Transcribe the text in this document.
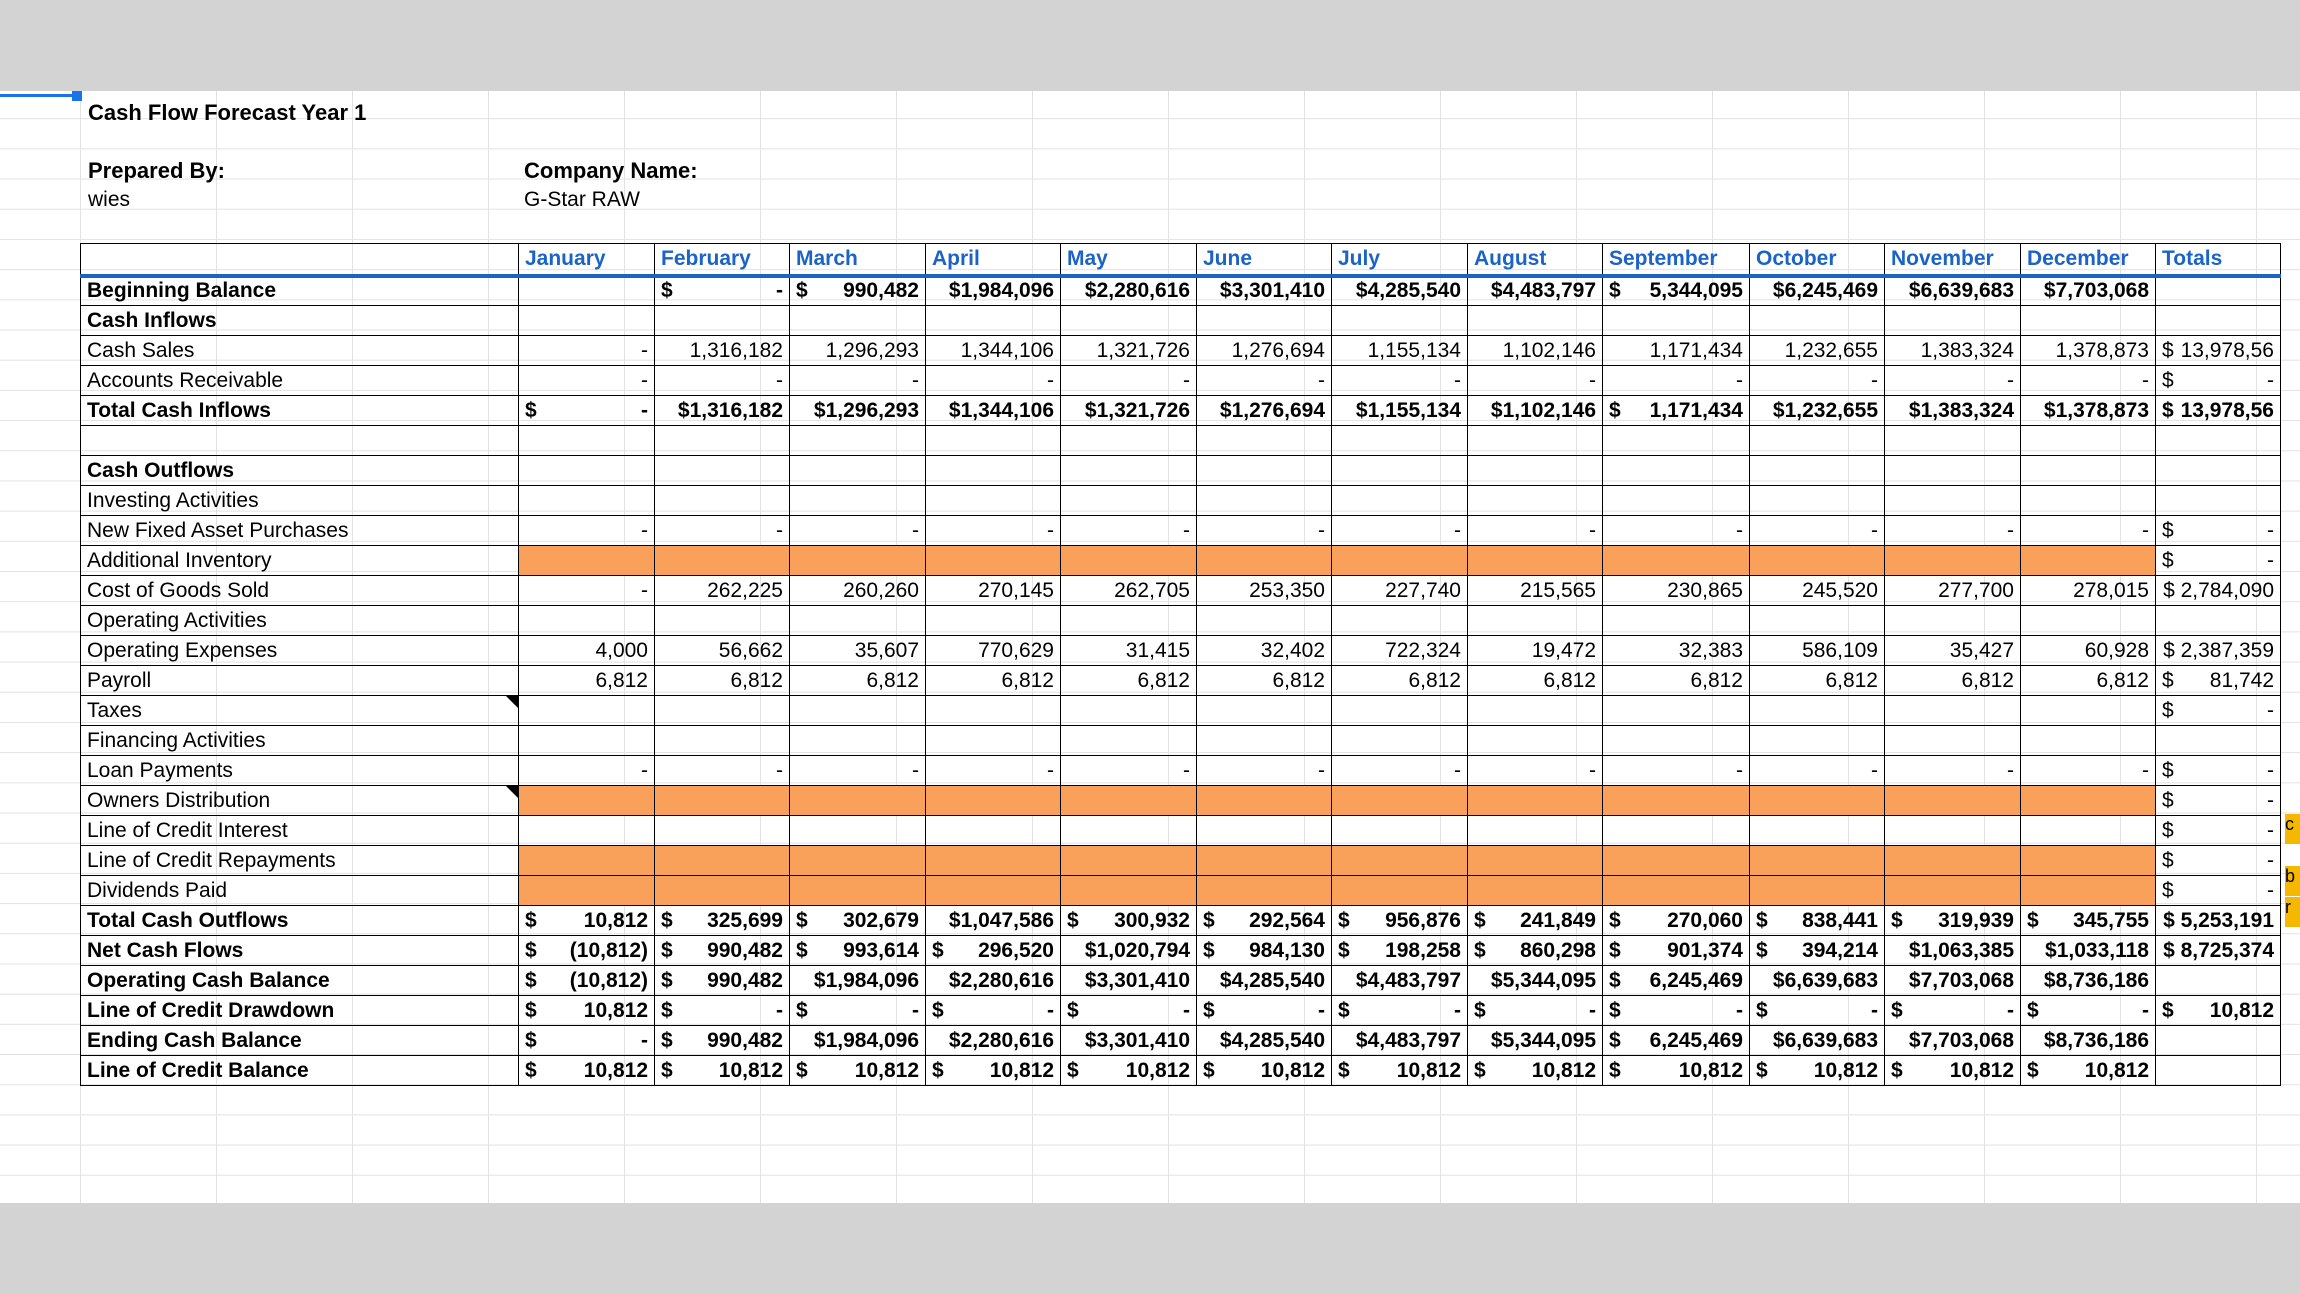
Cash Flow Forecast Year 1
Prepared By:
wies
Company Name:
G-Star RAW
	January	February	March	April	May	June	July	August	September	October	November	December	Totals
Beginning Balance		$ -	$ 990,482	$1,984,096	$2,280,616	$3,301,410	$4,285,540	$4,483,797	$ 5,344,095	$6,245,469	$6,639,683	$7,703,068	
Cash Inflows													
Cash Sales	-	1,316,182	1,296,293	1,344,106	1,321,726	1,276,694	1,155,134	1,102,146	1,171,434	1,232,655	1,383,324	1,378,873	$ 13,978,56

Accounts Receivable	-	-	-	-	-	-	-	-	-	-	-	-	$ -

Total Cash Inflows	$ -	$1,316,182	$1,296,293	$1,344,106	$1,321,726	$1,276,694	$1,155,134	$1,102,146	$ 1,171,434	$1,232,655	$1,383,324	$1,378,873	$ 13,978,56

Cash Outflows													
Investing Activities													
New Fixed Asset Purchases	-	-	-	-	-	-	-	-	-	-	-	-	$ -

Additional Inventory													$ -

Cost of Goods Sold	-	262,225	260,260	270,145	262,705	253,350	227,740	215,565	230,865	245,520	277,700	278,015	$ 2,784,090
Operating Activities													
Operating Expenses	4,000	56,662	35,607	770,629	31,415	32,402	722,324	19,472	32,383	586,109	35,427	60,928	$ 2,387,359
Payroll	6,812	6,812	6,812	6,812	6,812	6,812	6,812	6,812	6,812	6,812	6,812	6,812	$ 81,742

Taxes													$ -

Financing Activities													
Loan Payments	-	-	-	-	-	-	-	-	-	-	-	-	$ -

Owners Distribution													$ -

Line of Credit Interest													$ -

Line of Credit Repayments													$ -

Dividends Paid													$ -

Total Cash Outflows	$ 10,812	$ 325,699	$ 302,679	$1,047,586	$ 300,932	$ 292,564	$ 956,876	$ 241,849	$ 270,060	$ 838,441	$ 319,939	$ 345,755	$ 5,253,191
Net Cash Flows	$ (10,812)	$ 990,482	$ 993,614	$ 296,520	$1,020,794	$ 984,130	$ 198,258	$ 860,298	$ 901,374	$ 394,214	$1,063,385	$1,033,118	$ 8,725,374
Operating Cash Balance	$ (10,812)	$ 990,482	$1,984,096	$2,280,616	$3,301,410	$4,285,540	$4,483,797	$5,344,095	$ 6,245,469	$6,639,683	$7,703,068	$8,736,186	
Line of Credit Drawdown	$ 10,812	$ -	$ -	$ -	$ -	$ -	$ -	$ -	$ -	$ -	$ -	$ -	$ 10,812

Ending Cash Balance	$ -	$ 990,482	$1,984,096	$2,280,616	$3,301,410	$4,285,540	$4,483,797	$5,344,095	$ 6,245,469	$6,639,683	$7,703,068	$8,736,186	
Line of Credit Balance	$ 10,812	$ 10,812	$ 10,812	$ 10,812	$ 10,812	$ 10,812	$ 10,812	$ 10,812	$ 10,812	$ 10,812	$ 10,812	$ 10,812	

c
b
r
